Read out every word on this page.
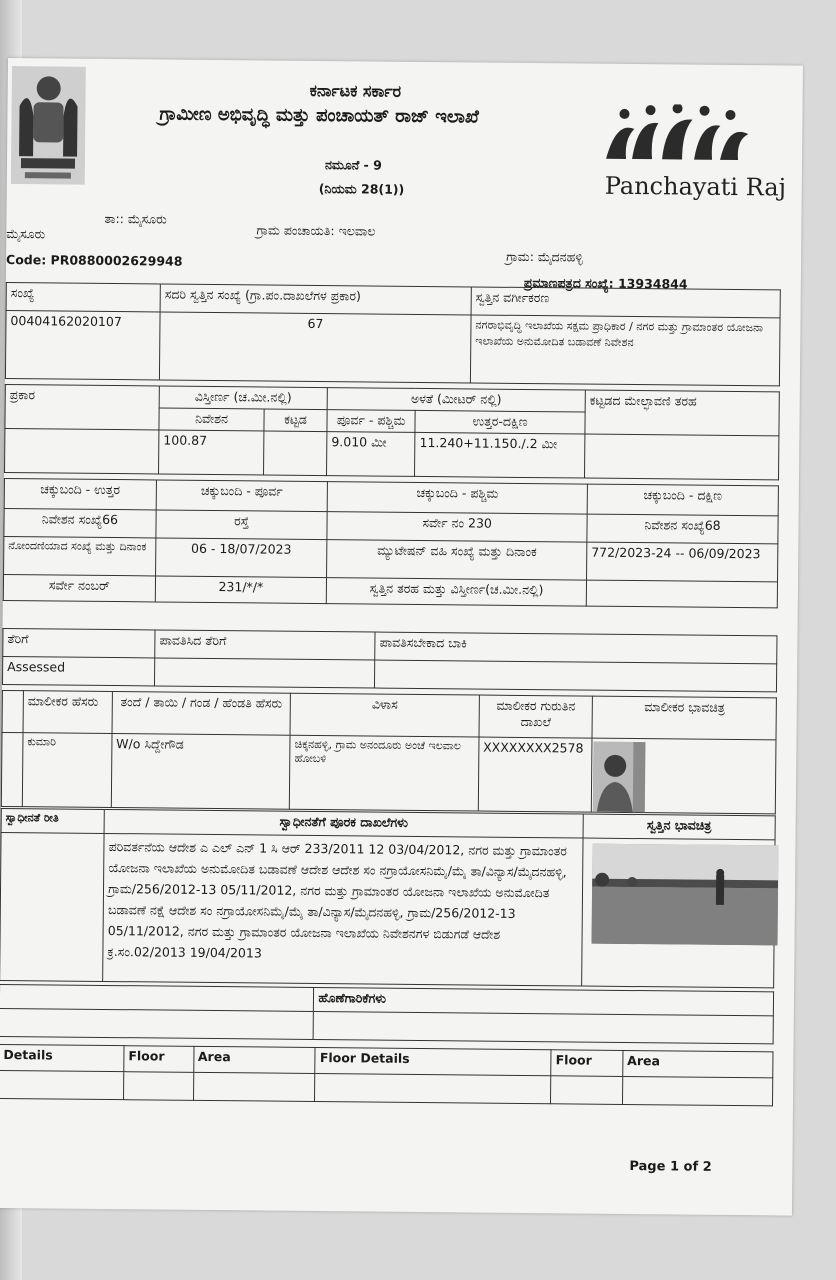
Panchayati Raj
ಕರ್ನಾಟಕ ಸರ್ಕಾರ
ಗ್ರಾಮೀಣ ಅಭಿವೃದ್ಧಿ ಮತ್ತು ಪಂಚಾಯತ್ ರಾಜ್ ಇಲಾಖೆ
ನಮೂನೆ - 9
(ನಿಯಮ 28(1))
ಮೈಸೂರು
ತಾ:: ಮೈಸೂರು
ಗ್ರಾಮ ಪಂಚಾಯತಿ: ಇಲವಾಲ
ಗ್ರಾಮ: ಮೈದನಹಳ್ಳಿ
Code: PR0880002629948
ಪ್ರಮಾಣಪತ್ರದ ಸಂಖ್ಯೆ: 13934844
ಸಂಖ್ಯೆ	ಸದರಿ ಸ್ವತ್ತಿನ ಸಂಖ್ಯೆ (ಗ್ರಾ.ಪಂ.ದಾಖಲೆಗಳ ಪ್ರಕಾರ)	ಸ್ವತ್ತಿನ ವರ್ಗೀಕರಣ
00404162020107	67	ನಗರಾಭಿವೃದ್ಧಿ ಇಲಾಖೆಯ ಸಕ್ಷಮ ಪ್ರಾಧಿಕಾರ / ನಗರ ಮತ್ತು ಗ್ರಾಮಾಂತರ ಯೋಜನಾ ಇಲಾಖೆಯ ಅನುಮೋದಿತ ಬಡಾವಣೆ ನಿವೇಶನ
ಪ್ರಕಾರ	ವಿಸ್ತೀರ್ಣ (ಚ.ಮೀ.ನಲ್ಲಿ)		ಅಳತೆ (ಮೀಟರ್ ನಲ್ಲಿ)		ಕಟ್ಟಡದ ಮೇಲ್ಛಾವಣಿ ತರಹ
	ನಿವೇಶನ	ಕಟ್ಟಡ	ಪೂರ್ವ - ಪಶ್ಚಿಮ	ಉತ್ತರ-ದಕ್ಷಿಣ	
	100.87		9.010 ಮೀ	11.240+11.150./.2 ಮೀ	
ಚಕ್ಕುಬಂದಿ - ಉತ್ತರ	ಚಕ್ಕುಬಂದಿ - ಪೂರ್ವ	ಚಕ್ಕುಬಂದಿ - ಪಶ್ಚಿಮ	ಚಕ್ಕುಬಂದಿ - ದಕ್ಷಿಣ
ನಿವೇಶನ ಸಂಖ್ಯೆ66	ರಸ್ತೆ	ಸರ್ವೇ ನಂ 230	ನಿವೇಶನ ಸಂಖ್ಯೆ68
ನೋಂದಣಿಯಾದ ಸಂಖ್ಯೆ ಮತ್ತು ದಿನಾಂಕ	06 - 18/07/2023	ಮ್ಯುಟೇಷನ್ ವಹಿ ಸಂಖ್ಯೆ ಮತ್ತು ದಿನಾಂಕ	772/2023-24 -- 06/09/2023
ಸರ್ವೇ ನಂಬರ್	231/*/*	ಸ್ವತ್ತಿನ ತರಹ ಮತ್ತು ವಿಸ್ತೀರ್ಣ(ಚ.ಮೀ.ನಲ್ಲಿ)	
ತೆರಿಗೆ	ಪಾವತಿಸಿದ ತೆರಿಗೆ	ಪಾವತಿಸಬೇಕಾದ ಬಾಕಿ
Assessed		
	ಮಾಲೀಕರ ಹೆಸರು	ತಂದೆ / ತಾಯಿ / ಗಂಡ / ಹೆಂಡತಿ ಹೆಸರು	ವಿಳಾಸ	ಮಾಲೀಕರ ಗುರುತಿನ ದಾಖಲೆ	ಮಾಲೀಕರ ಭಾವಚಿತ್ರ
	ಕುಮಾರಿ	W/o ಸಿದ್ದೇಗೌಡ	ಚಿಕ್ಕನಹಳ್ಳಿ, ಗ್ರಾಮ ಅನಂದೂರು ಅಂಚೆ ಇಲವಾಲ ಹೋಬಳಿ	XXXXXXXX2578	
ಸ್ವಾಧೀನತೆ ರೀತಿ	ಸ್ವಾಧೀನತೆಗೆ ಪೂರಕ ದಾಖಲೆಗಳು	ಸ್ವತ್ತಿನ ಭಾವಚಿತ್ರ
	ಪರಿವರ್ತನೆಯ ಆದೇಶ ಎ ಎಲ್ ಎನ್ 1 ಸಿ ಆರ್ 233/2011 12 03/04/2012, ನಗರ ಮತ್ತು ಗ್ರಾಮಾಂತರ ಯೋಜನಾ ಇಲಾಖೆಯ ಅನುಮೋದಿತ ಬಡಾವಣೆ ಆದೇಶ ಆದೇಶ ಸಂ ನಗ್ರಾಯೋಸನಿಮೈ/ಮೈ ತಾ/ವಿನ್ಯಾಸ/ಮೈದನಹಳ್ಳಿ, ಗ್ರಾಮ/256/2012-13 05/11/2012, ನಗರ ಮತ್ತು ಗ್ರಾಮಾಂತರ ಯೋಜನಾ ಇಲಾಖೆಯ ಅನುಮೋದಿತ ಬಡಾವಣೆ ನಕ್ಷೆ ಆದೇಶ ಸಂ ನಗ್ರಾಯೋಸನಿಮೈ/ಮೈ ತಾ/ವಿನ್ಯಾಸ/ಮೈದನಹಳ್ಳಿ, ಗ್ರಾಮ/256/2012-13 05/11/2012, ನಗರ ಮತ್ತು ಗ್ರಾಮಾಂತರ ಯೋಜನಾ ಇಲಾಖೆಯ ನಿವೇಶನಗಳ ಬಿಡುಗಡೆ ಆದೇಶ ಕ್ರ.ಸಂ.02/2013 19/04/2013	
	ಹೊಣೆಗಾರಿಕೆಗಳು

Details	Floor	Area	Floor Details	Floor	Area

Page 1 of 2
